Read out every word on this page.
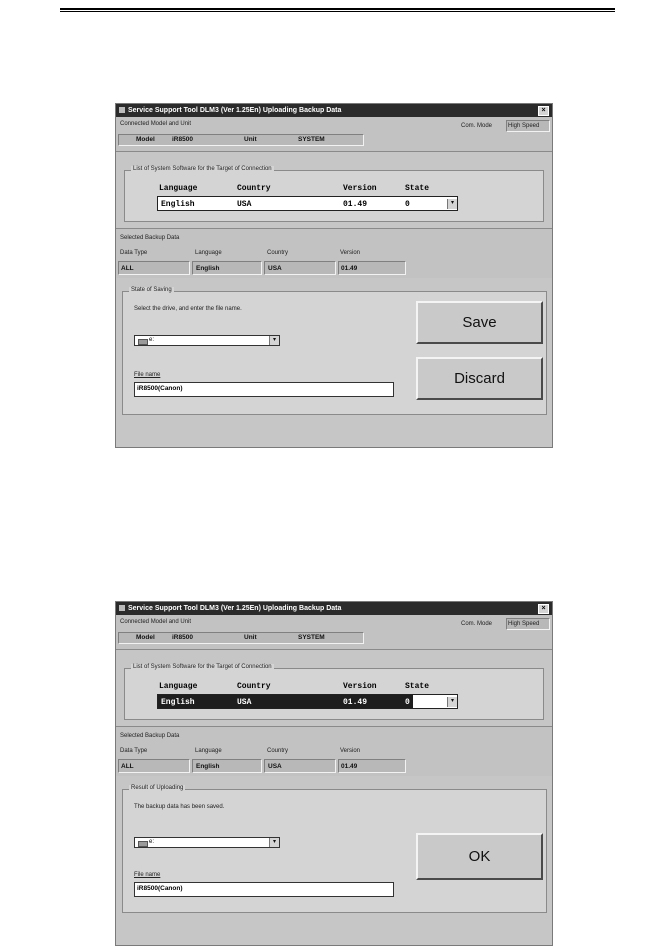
Service Support Tool DLM3 (Ver 1.25En) Uploading Backup Data	×
Connected Model and Unit
Model	iR8500	Unit	SYSTEM
Com. Mode	High Speed
List of System Software for the Target of Connection
Language	Country	Version	State
▾
English	USA	01.49	0
Selected Backup Data
Data Type	Language	Country	Version
ALL	English	USA	01.49
State of Saving
Select the drive, and enter the file name.
e:	▾
File name
iR8500(Canon)
Save
Discard
Service Support Tool DLM3 (Ver 1.25En) Uploading Backup Data	×
Connected Model and Unit
Model	iR8500	Unit	SYSTEM
Com. Mode	High Speed
List of System Software for the Target of Connection
Language	Country	Version	State
▾
English	USA	01.49	0
Selected Backup Data
Data Type	Language	Country	Version
ALL	English	USA	01.49
Result of Uploading
The backup data has been saved.
e:	▾
File name
iR8500(Canon)
OK
